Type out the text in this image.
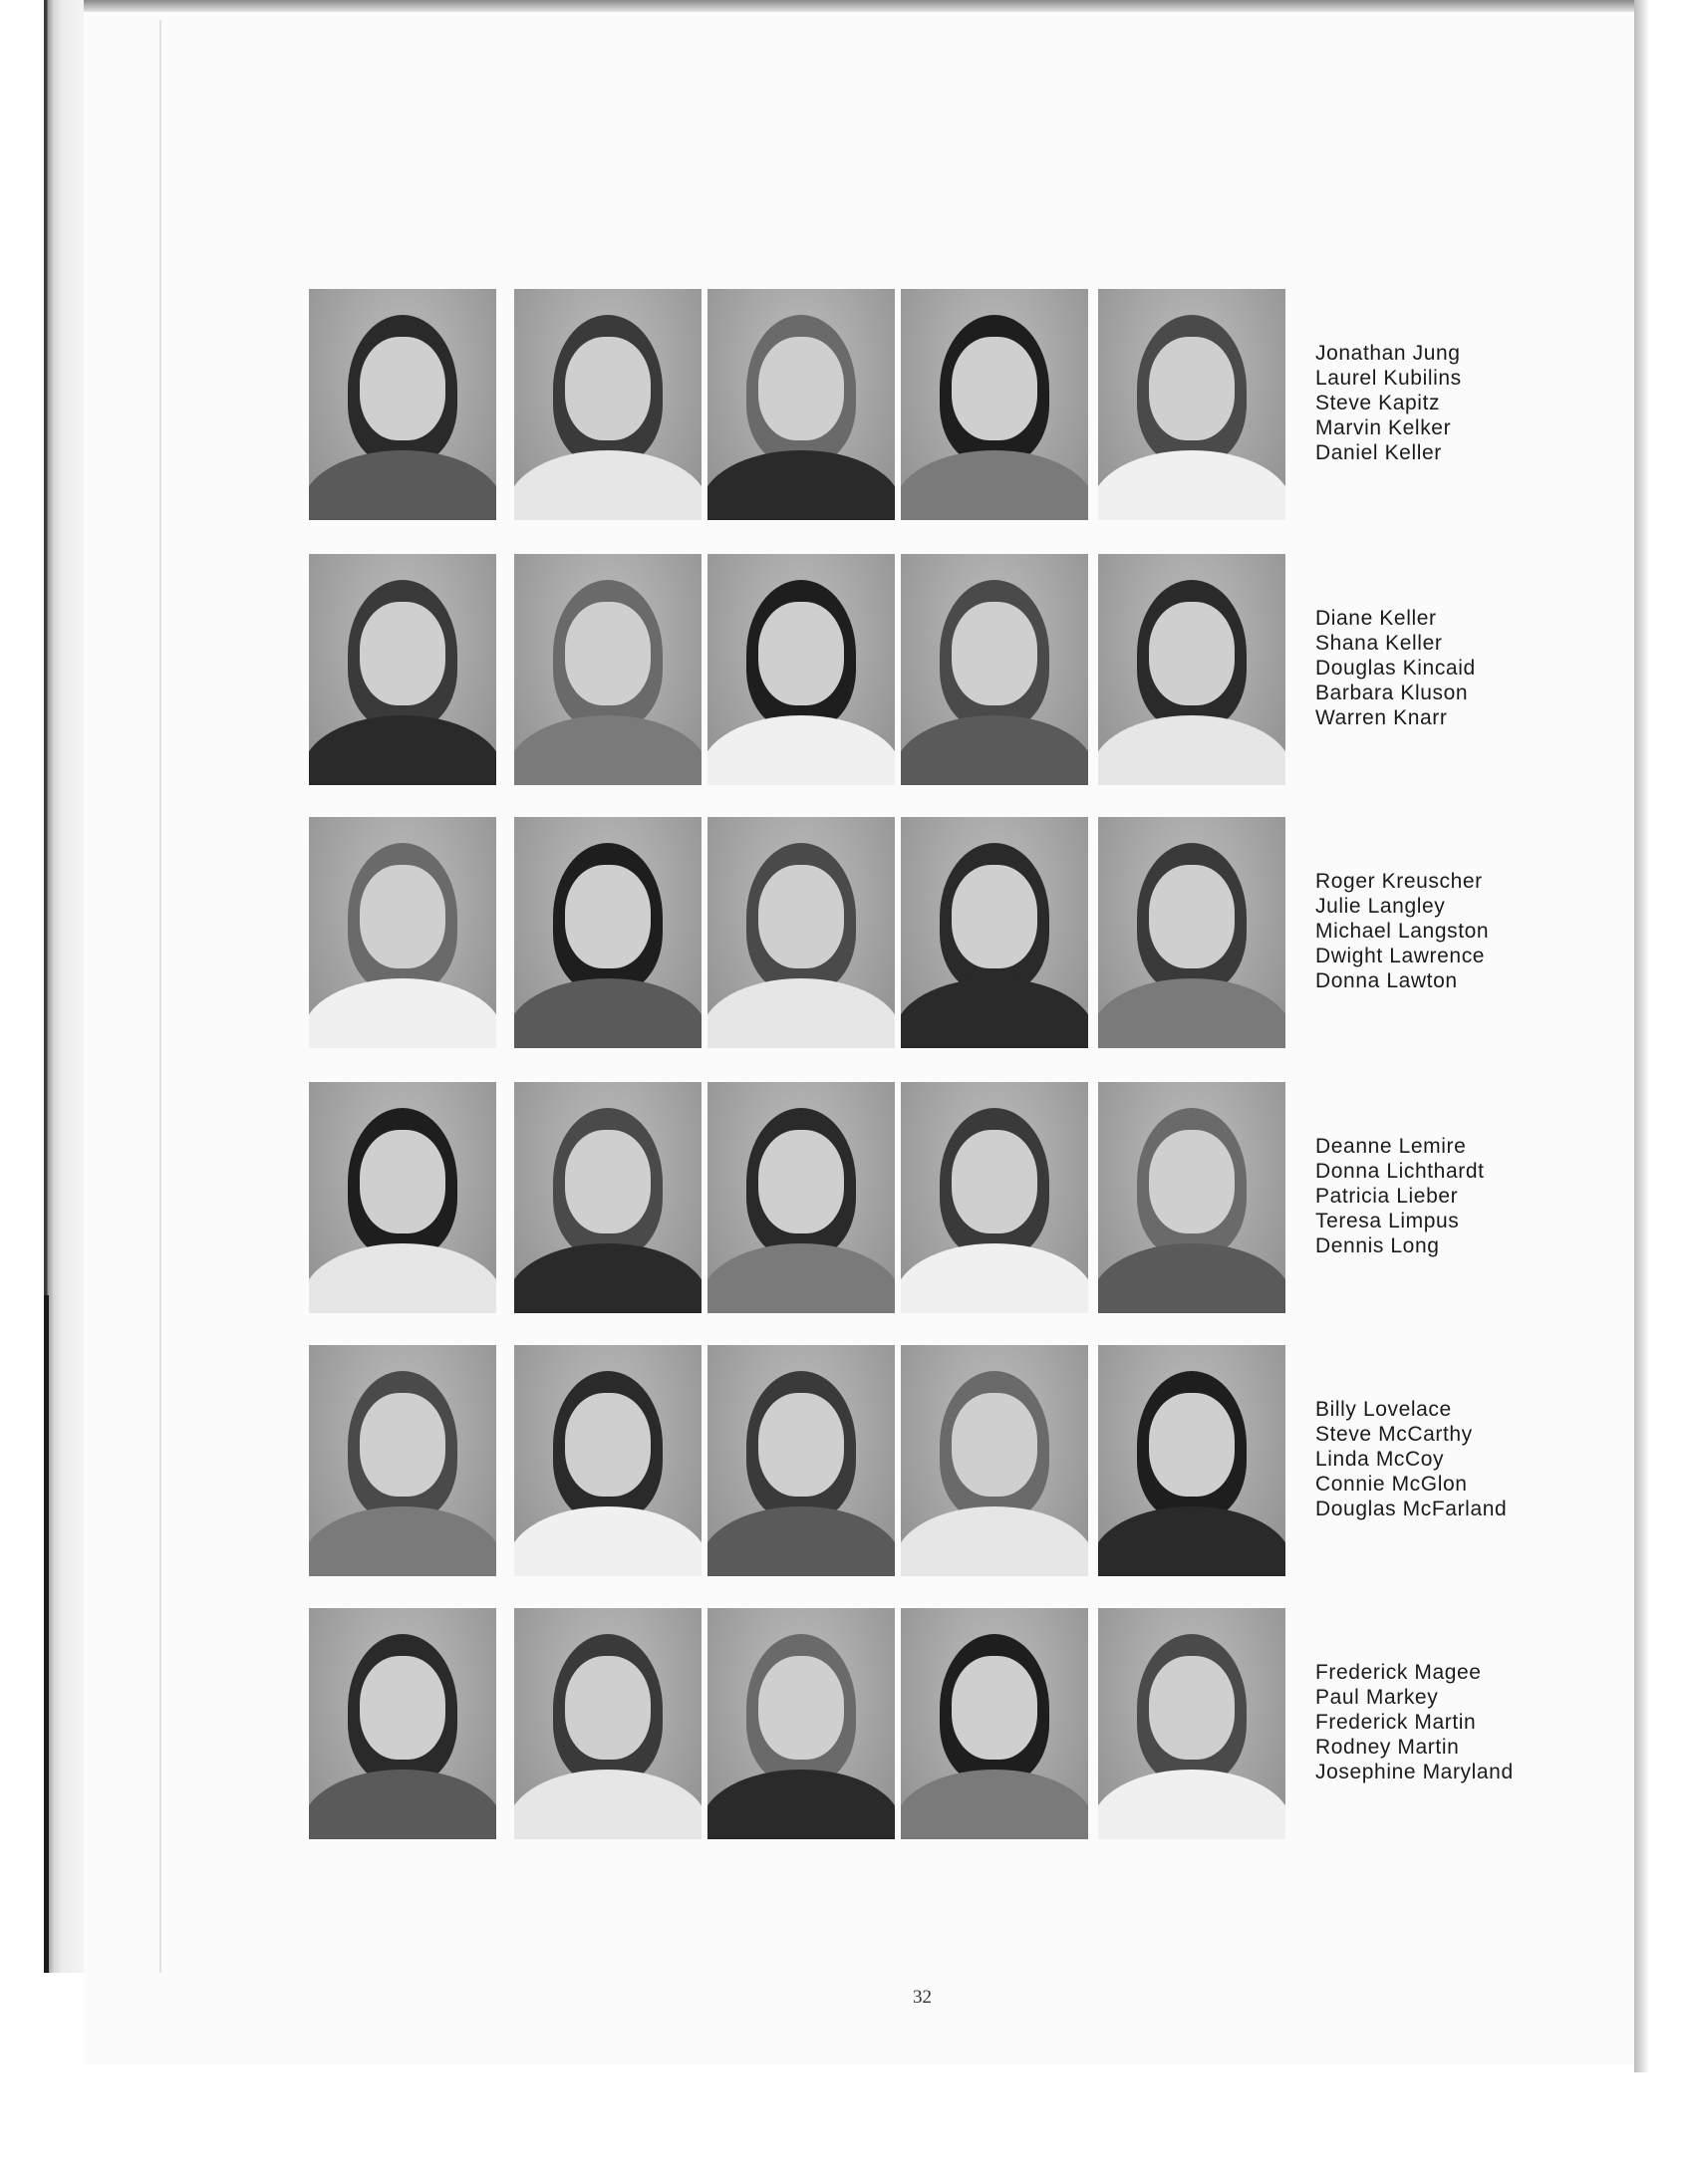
Jonathan Jung
Laurel Kubilins
Steve Kapitz
Marvin Kelker
Daniel Keller
Diane Keller
Shana Keller
Douglas Kincaid
Barbara Kluson
Warren Knarr
Roger Kreuscher
Julie Langley
Michael Langston
Dwight Lawrence
Donna Lawton
Deanne Lemire
Donna Lichthardt
Patricia Lieber
Teresa Limpus
Dennis Long
Billy Lovelace
Steve McCarthy
Linda McCoy
Connie McGlon
Douglas McFarland
Frederick Magee
Paul Markey
Frederick Martin
Rodney Martin
Josephine Maryland
32
